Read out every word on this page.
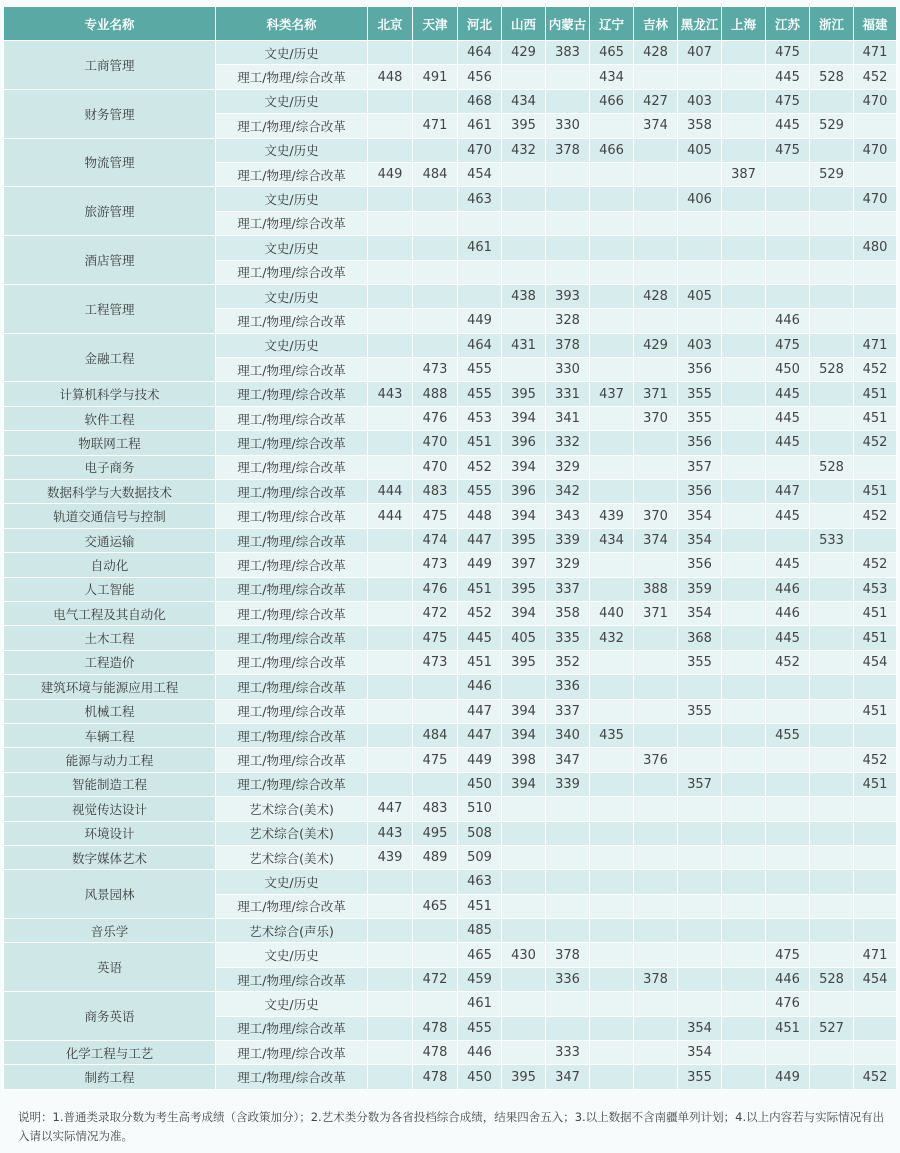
专业名称	科类名称	北京	天津	河北	山西	内蒙古	辽宁	吉林	黑龙江	上海	江苏	浙江	福建
工商管理	文史/历史			464	429	383	465	428	407		475		471
	理工/物理/综合改革	448	491	456			434				445	528	452
财务管理	文史/历史			468	434		466	427	403		475		470
	理工/物理/综合改革		471	461	395	330		374	358		445	529	
物流管理	文史/历史			470	432	378	466		405		475		470
	理工/物理/综合改革	449	484	454						387		529	
旅游管理	文史/历史			463					406				470
	理工/物理/综合改革												
酒店管理	文史/历史			461									480
	理工/物理/综合改革												
工程管理	文史/历史				438	393		428	405				
	理工/物理/综合改革			449		328					446		
金融工程	文史/历史			464	431	378		429	403		475		471
	理工/物理/综合改革		473	455		330			356		450	528	452
计算机科学与技术	理工/物理/综合改革	443	488	455	395	331	437	371	355		445		451
软件工程	理工/物理/综合改革		476	453	394	341		370	355		445		451
物联网工程	理工/物理/综合改革		470	451	396	332			356		445		452
电子商务	理工/物理/综合改革		470	452	394	329			357			528	
数据科学与大数据技术	理工/物理/综合改革	444	483	455	396	342			356		447		451
轨道交通信号与控制	理工/物理/综合改革	444	475	448	394	343	439	370	354		445		452
交通运输	理工/物理/综合改革		474	447	395	339	434	374	354			533	
自动化	理工/物理/综合改革		473	449	397	329			356		445		452
人工智能	理工/物理/综合改革		476	451	395	337		388	359		446		453
电气工程及其自动化	理工/物理/综合改革		472	452	394	358	440	371	354		446		451
土木工程	理工/物理/综合改革		475	445	405	335	432		368		445		451
工程造价	理工/物理/综合改革		473	451	395	352			355		452		454
建筑环境与能源应用工程	理工/物理/综合改革			446		336							
机械工程	理工/物理/综合改革			447	394	337			355				451
车辆工程	理工/物理/综合改革		484	447	394	340	435				455		
能源与动力工程	理工/物理/综合改革		475	449	398	347		376					452
智能制造工程	理工/物理/综合改革			450	394	339			357				451
视觉传达设计	艺术综合(美术)	447	483	510									
环境设计	艺术综合(美术)	443	495	508									
数字媒体艺术	艺术综合(美术)	439	489	509									
风景园林	文史/历史			463									
	理工/物理/综合改革		465	451									
音乐学	艺术综合(声乐)			485									
英语	文史/历史			465	430	378					475		471
	理工/物理/综合改革		472	459		336		378			446	528	454
商务英语	文史/历史			461							476		
	理工/物理/综合改革		478	455					354		451	527	
化学工程与工艺	理工/物理/综合改革		478	446		333			354				
制药工程	理工/物理/综合改革		478	450	395	347			355		449		452
说明：1.普通类录取分数为考生高考成绩（含政策加分）；2.艺术类分数为各省投档综合成绩，结果四舍五入；3.以上数据不含南疆单列计划；4.以上内容若与实际情况有出入请以实际情况为准。
